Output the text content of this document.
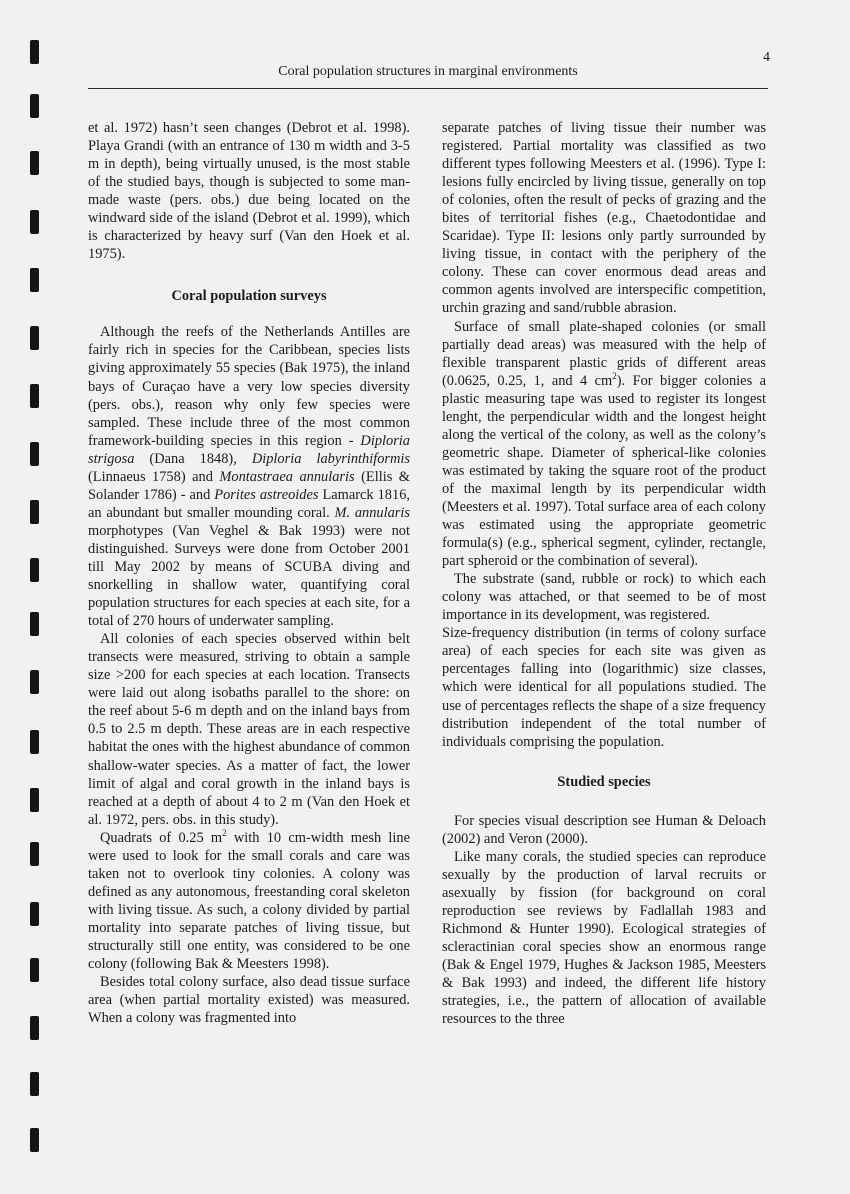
4
Coral population structures in marginal environments

et al. 1972) hasn’t seen changes (Debrot et al. 1998). Playa Grandi (with an entrance of 130 m width and 3-5 m in depth), being virtually unused, is the most stable of the studied bays, though is subjected to some man-made waste (pers. obs.) due being located on the windward side of the island (Debrot et al. 1999), which is characterized by heavy surf (Van den Hoek et al. 1975).

Coral population surveys

Although the reefs of the Netherlands Antilles are fairly rich in species for the Caribbean, species lists giving approximately 55 species (Bak 1975), the inland bays of Curaçao have a very low species diversity (pers. obs.), reason why only few species were sampled. These include three of the most common framework-building species in this region - Diploria strigosa (Dana 1848), Diploria labyrinthiformis (Linnaeus 1758) and Montastraea annularis (Ellis & Solander 1786) - and Porites astreoides Lamarck 1816, an abundant but smaller mounding coral. M. annularis morphotypes (Van Veghel & Bak 1993) were not distinguished. Surveys were done from October 2001 till May 2002 by means of SCUBA diving and snorkelling in shallow water, quantifying coral population structures for each species at each site, for a total of 270 hours of underwater sampling.

All colonies of each species observed within belt transects were measured, striving to obtain a sample size >200 for each species at each location. Transects were laid out along isobaths parallel to the shore: on the reef about 5-6 m depth and on the inland bays from 0.5 to 2.5 m depth. These areas are in each respective habitat the ones with the highest abundance of common shallow-water species. As a matter of fact, the lower limit of algal and coral growth in the inland bays is reached at a depth of about 4 to 2 m (Van den Hoek et al. 1972, pers. obs. in this study).

Quadrats of 0.25 $m^2$ with 10 cm-width mesh line were used to look for the small corals and care was taken not to overlook tiny colonies. A colony was defined as any autonomous, freestanding coral skeleton with living tissue. As such, a colony divided by partial mortality into separate patches of living tissue, but structurally still one entity, was considered to be one colony (following Bak & Meesters 1998).

Besides total colony surface, also dead tissue surface area (when partial mortality existed) was measured. When a colony was fragmented into

separate patches of living tissue their number was registered. Partial mortality was classified as two different types following Meesters et al. (1996). Type I: lesions fully encircled by living tissue, generally on top of colonies, often the result of pecks of grazing and the bites of territorial fishes (e.g., Chaetodontidae and Scaridae). Type II: lesions only partly surrounded by living tissue, in contact with the periphery of the colony. These can cover enormous dead areas and common agents involved are interspecific competition, urchin grazing and sand/rubble abrasion.

Surface of small plate-shaped colonies (or small partially dead areas) was measured with the help of flexible transparent plastic grids of different areas (0.0625, 0.25, 1, and 4 $cm^2$). For bigger colonies a plastic measuring tape was used to register its longest lenght, the perpendicular width and the longest height along the vertical of the colony, as well as the colony’s geometric shape. Diameter of spherical-like colonies was estimated by taking the square root of the product of the maximal length by its perpendicular width (Meesters et al. 1997). Total surface area of each colony was estimated using the appropriate geometric formula(s) (e.g., spherical segment, cylinder, rectangle, part spheroid or the combination of several).

The substrate (sand, rubble or rock) to which each colony was attached, or that seemed to be of most importance in its development, was registered.

Size-frequency distribution (in terms of colony surface area) of each species for each site was given as percentages falling into (logarithmic) size classes, which were identical for all populations studied. The use of percentages reflects the shape of a size frequency distribution independent of the total number of individuals comprising the population.

Studied species

For species visual description see Human & Deloach (2002) and Veron (2000).

Like many corals, the studied species can reproduce sexually by the production of larval recruits or asexually by fission (for background on coral reproduction see reviews by Fadlallah 1983 and Richmond & Hunter 1990). Ecological strategies of scleractinian coral species show an enormous range (Bak & Engel 1979, Hughes & Jackson 1985, Meesters & Bak 1993) and indeed, the different life history strategies, i.e., the pattern of allocation of available resources to the three
